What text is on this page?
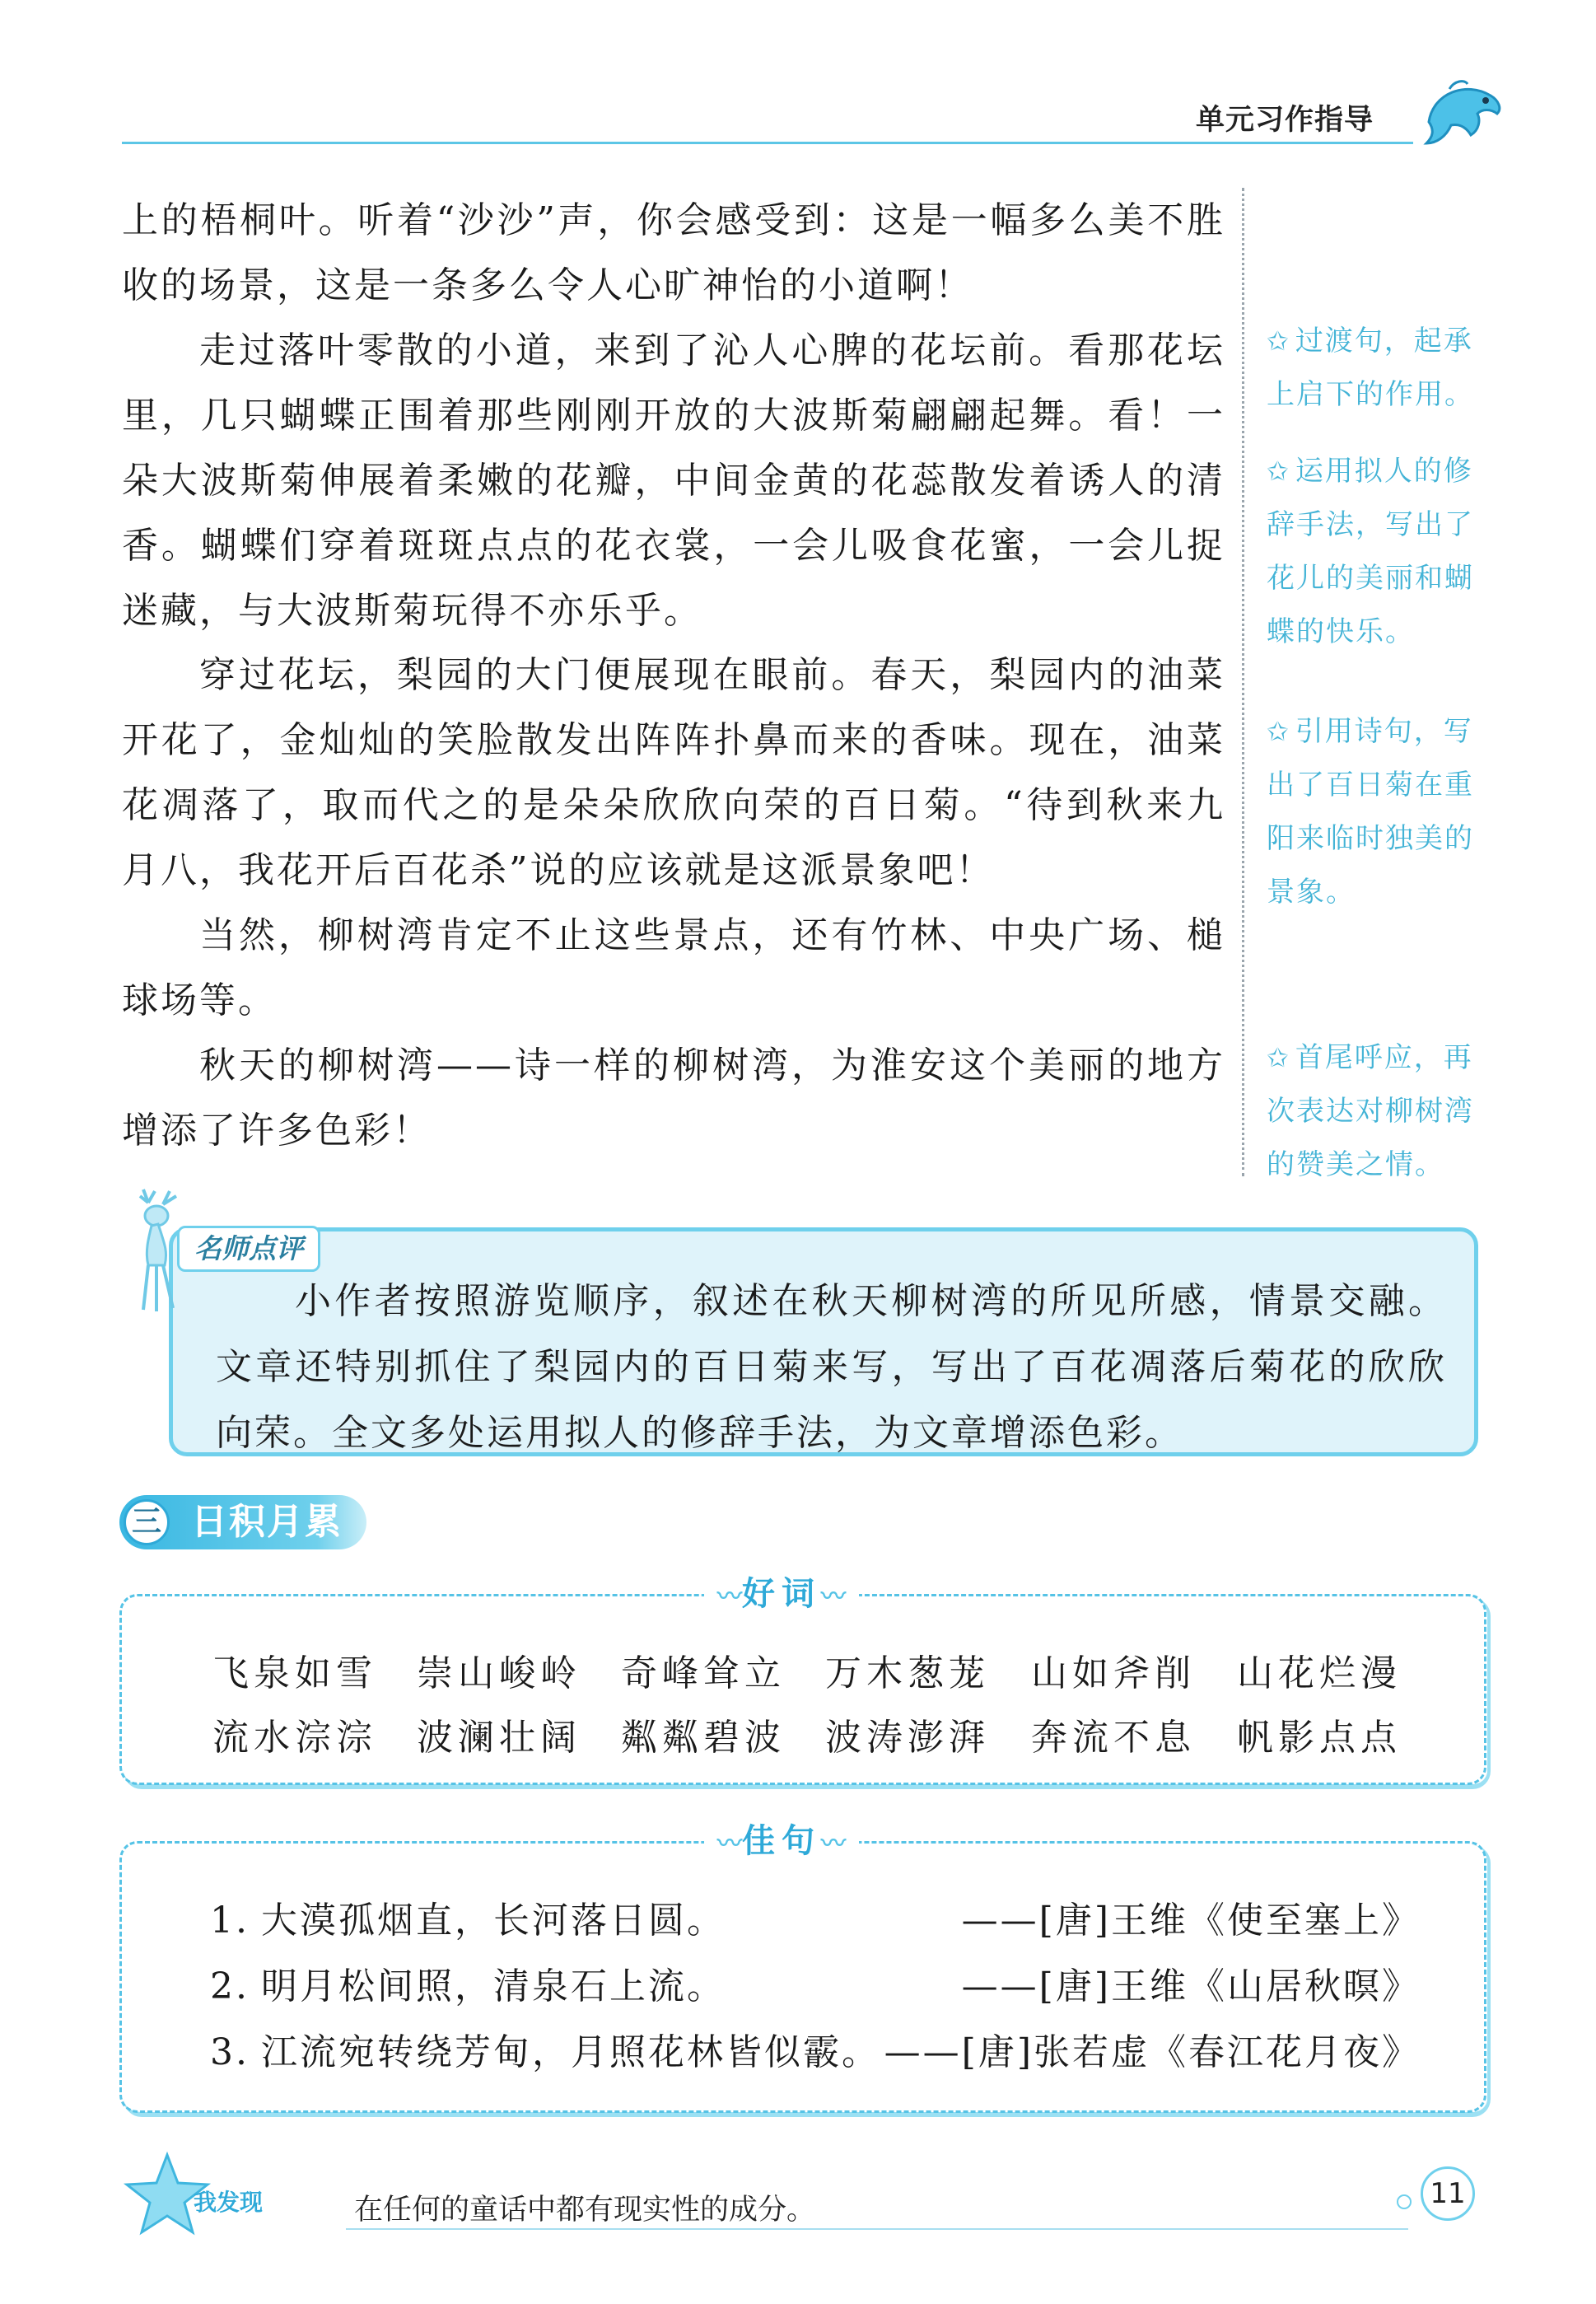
单元习作指导
上的梧桐叶。听着“沙沙”声，你会感受到：这是一幅多么美不胜收的场景，这是一条多么令人心旷神怡的小道啊！
走过落叶零散的小道，来到了沁人心脾的花坛前。看那花坛里，几只蝴蝶正围着那些刚刚开放的大波斯菊翩翩起舞。看！一朵大波斯菊伸展着柔嫩的花瓣，中间金黄的花蕊散发着诱人的清香。蝴蝶们穿着斑斑点点的花衣裳，一会儿吸食花蜜，一会儿捉迷藏，与大波斯菊玩得不亦乐乎。
穿过花坛，梨园的大门便展现在眼前。春天，梨园内的油菜开花了，金灿灿的笑脸散发出阵阵扑鼻而来的香味。现在，油菜花凋落了，取而代之的是朵朵欣欣向荣的百日菊。“待到秋来九月八，我花开后百花杀”说的应该就是这派景象吧！
当然，柳树湾肯定不止这些景点，还有竹林、中央广场、槌球场等。
秋天的柳树湾——诗一样的柳树湾，为淮安这个美丽的地方增添了许多色彩！
✩ 过渡句，起承上启下的作用。
✩ 运用拟人的修辞手法，写出了花儿的美丽和蝴蝶的快乐。
✩ 引用诗句，写出了百日菊在重阳来临时独美的景象。
✩ 首尾呼应，再次表达对柳树湾的赞美之情。
名师点评
小作者按照游览顺序，叙述在秋天柳树湾的所见所感，情景交融。文章还特别抓住了梨园内的百日菊来写，写出了百花凋落后菊花的欣欣向荣。全文多处运用拟人的修辞手法，为文章增添色彩。
三 日积月累
〰好词〰
飞泉如雪 崇山峻岭 奇峰耸立 万木葱茏 山如斧削 山花烂漫
流水淙淙 波澜壮阔 粼粼碧波 波涛澎湃 奔流不息 帆影点点
〰佳句〰
1. 大漠孤烟直，长河落日圆。	——[唐]王维《使至塞上》
2. 明月松间照，清泉石上流。	——[唐]王维《山居秋暝》
3. 江流宛转绕芳甸，月照花林皆似霰。 ——[唐]张若虚《春江花月夜》
我发现	在任何的童话中都有现实性的成分。	11
